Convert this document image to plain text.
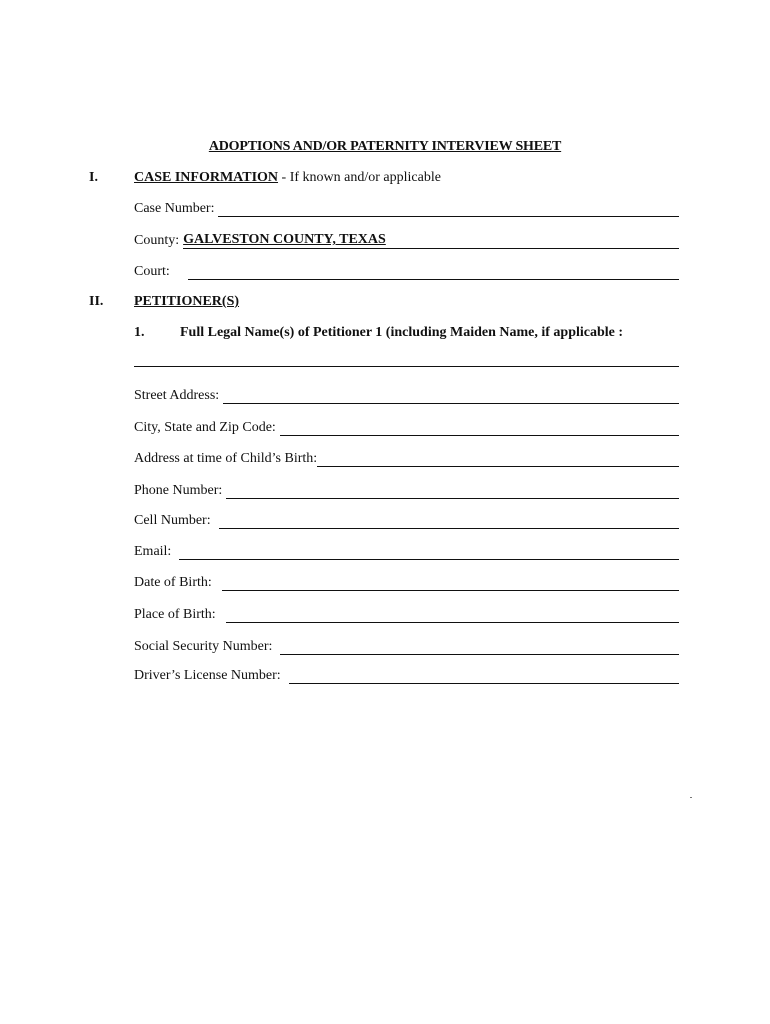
ADOPTIONS AND/OR PATERNITY INTERVIEW SHEET
I.	CASE INFORMATION - If known and/or applicable
Case Number:
County: GALVESTON COUNTY, TEXAS
Court:
II. PETITIONER(S)
1.	Full Legal Name(s) of Petitioner 1 (including Maiden Name, if applicable :
Street Address:
City, State and Zip Code:
Address at time of Child’s Birth:
Phone Number:
Cell Number:
Email:
Date of Birth:
Place of Birth:
Social Security Number:
Driver’s License Number:
